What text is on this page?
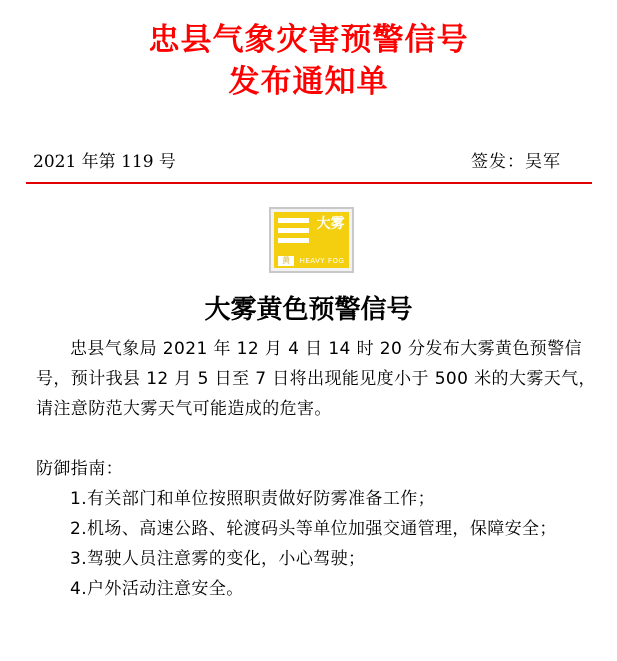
忠县气象灾害预警信号
发布通知单
2021 年第 119 号	签发：吴军
大雾
黄	HEAVY FOG
大雾黄色预警信号

忠县气象局 2021 年 12 月 4 日 14 时 20 分发布大雾黄色预警信号，预计我县 12 月 5 日至 7 日将出现能见度小于 500 米的大雾天气，请注意防范大雾天气可能造成的危害。

防御指南：

1.有关部门和单位按照职责做好防雾准备工作；

2.机场、高速公路、轮渡码头等单位加强交通管理，保障安全；

3.驾驶人员注意雾的变化，小心驾驶；

4.户外活动注意安全。
